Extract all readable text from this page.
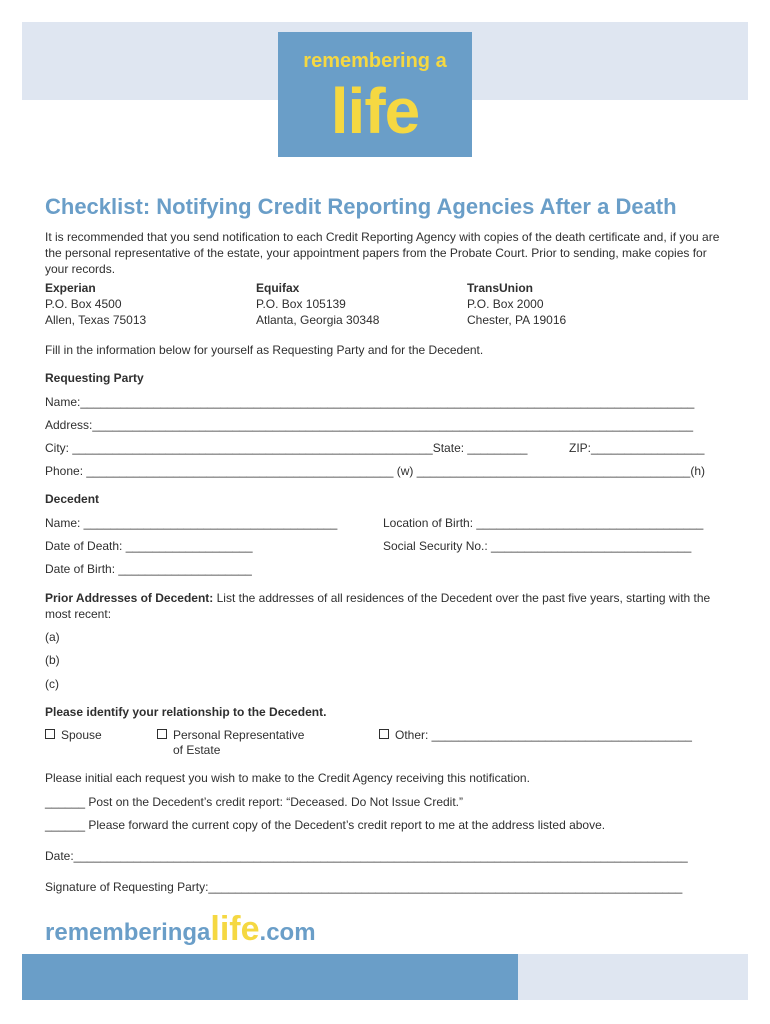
remembering a
life
Checklist: Notifying Credit Reporting Agencies After a Death
It is recommended that you send notification to each Credit Reporting Agency with copies of the death certificate and, if you are the personal representative of the estate, your appointment papers from the Probate Court. Prior to sending, make copies for your records.
Experian
P.O. Box 4500
Allen, Texas 75013
Equifax
P.O. Box 105139
Atlanta, Georgia 30348
TransUnion
P.O. Box 2000
Chester, PA 19016
Fill in the information below for yourself as Requesting Party and for the Decedent.
Requesting Party
Name:____________________________________________________________________________________________
Address:__________________________________________________________________________________________
City: ______________________________________________________State: _________	ZIP:_________________
Phone: ______________________________________________ (w) _________________________________________(h)
Decedent
Name: ______________________________________	Location of Birth: __________________________________
Date of Death: ___________________	Social Security No.: ______________________________
Date of Birth: ____________________
Prior Addresses of Decedent: List the addresses of all residences of the Decedent over the past five years, starting with the most recent:
(a)
(b)
(c)
Please identify your relationship to the Decedent.
Spouse	Personal Representative
of Estate
Other: _______________________________________
Please initial each request you wish to make to the Credit Agency receiving this notification.
______ Post on the Decedent’s credit report: “Deceased. Do Not Issue Credit.”
______ Please forward the current copy of the Decedent’s credit report to me at the address listed above.
Date:____________________________________________________________________________________________
Signature of Requesting Party:_______________________________________________________________________
rememberingalife.com
